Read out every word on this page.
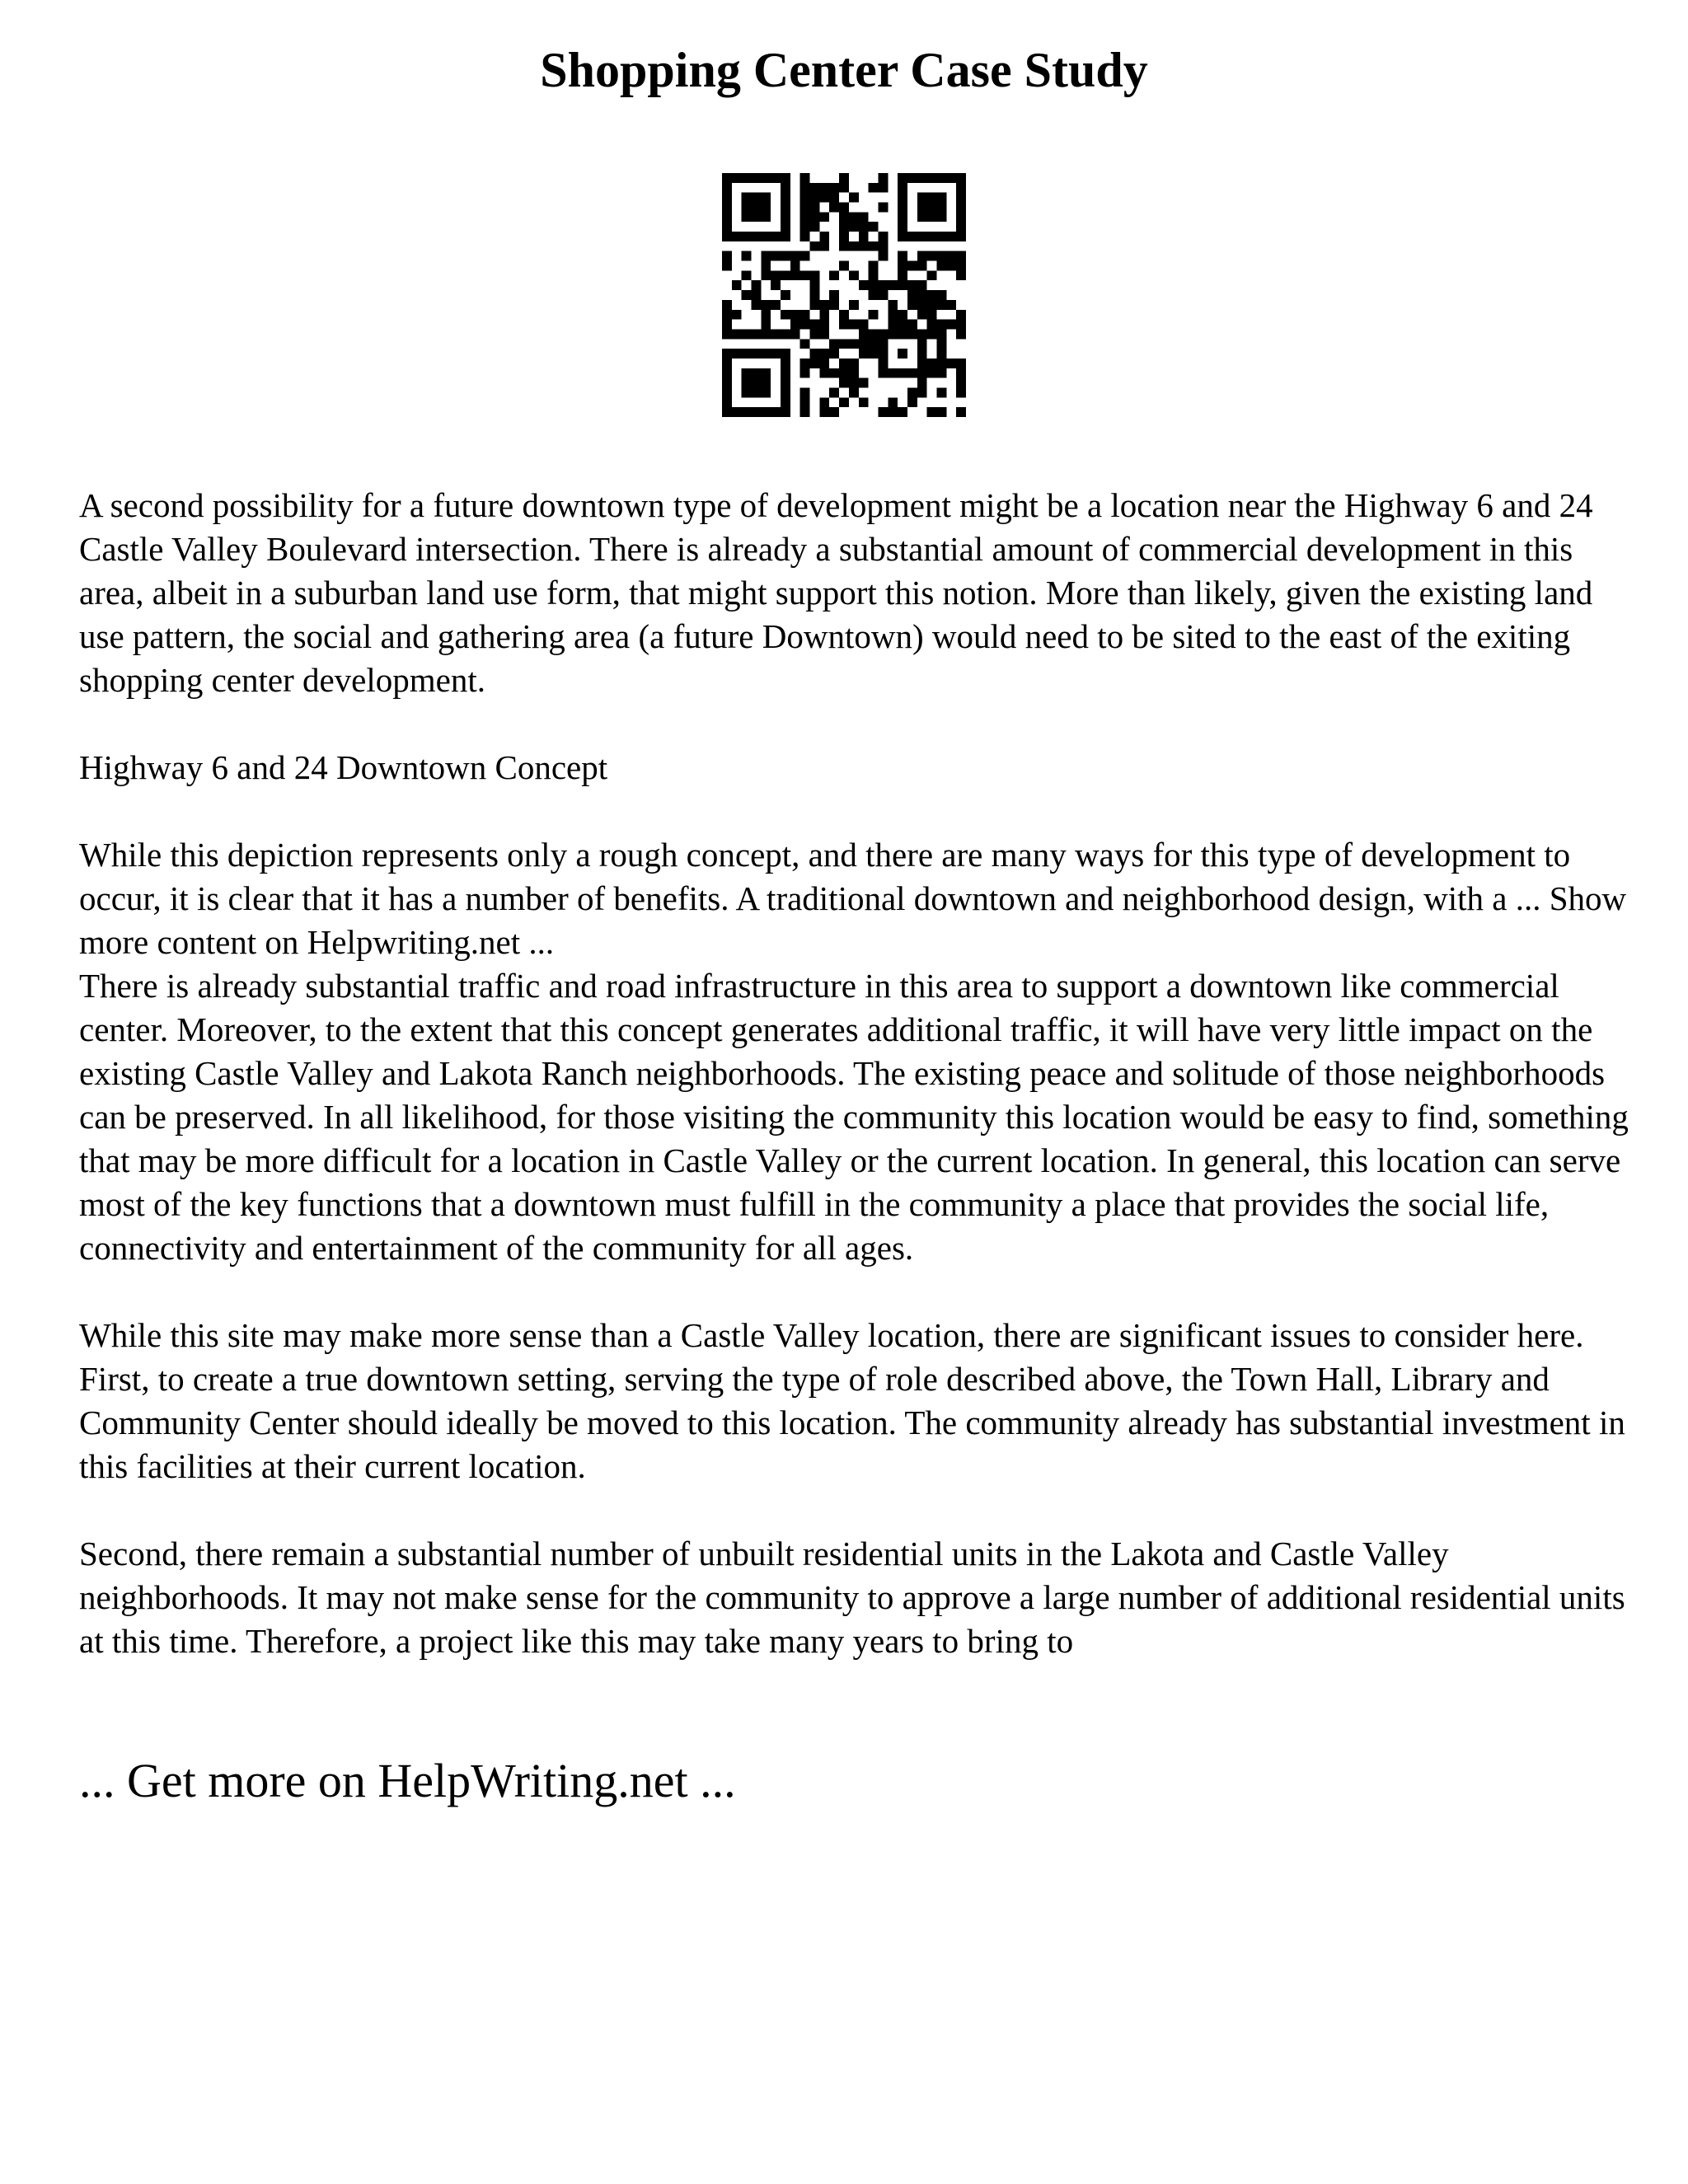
Shopping Center Case Study

A second possibility for a future downtown type of development might be a location near the Highway 6 and 24 Castle Valley Boulevard intersection. There is already a substantial amount of commercial development in this area, albeit in a suburban land use form, that might support this notion. More than likely, given the existing land use pattern, the social and gathering area (a future Downtown) would need to be sited to the east of the exiting shopping center development.

Highway 6 and 24 Downtown Concept

While this depiction represents only a rough concept, and there are many ways for this type of development to occur, it is clear that it has a number of benefits. A traditional downtown and neighborhood design, with a ... Show more content on Helpwriting.net ...

There is already substantial traffic and road infrastructure in this area to support a downtown like commercial center. Moreover, to the extent that this concept generates additional traffic, it will have very little impact on the existing Castle Valley and Lakota Ranch neighborhoods. The existing peace and solitude of those neighborhoods can be preserved. In all likelihood, for those visiting the community this location would be easy to find, something that may be more difficult for a location in Castle Valley or the current location. In general, this location can serve most of the key functions that a downtown must fulfill in the community a place that provides the social life, connectivity and entertainment of the community for all ages.

While this site may make more sense than a Castle Valley location, there are significant issues to consider here. First, to create a true downtown setting, serving the type of role described above, the Town Hall, Library and Community Center should ideally be moved to this location. The community already has substantial investment in this facilities at their current location.

Second, there remain a substantial number of unbuilt residential units in the Lakota and Castle Valley neighborhoods. It may not make sense for the community to approve a large number of additional residential units at this time. Therefore, a project like this may take many years to bring to

... Get more on HelpWriting.net ...
